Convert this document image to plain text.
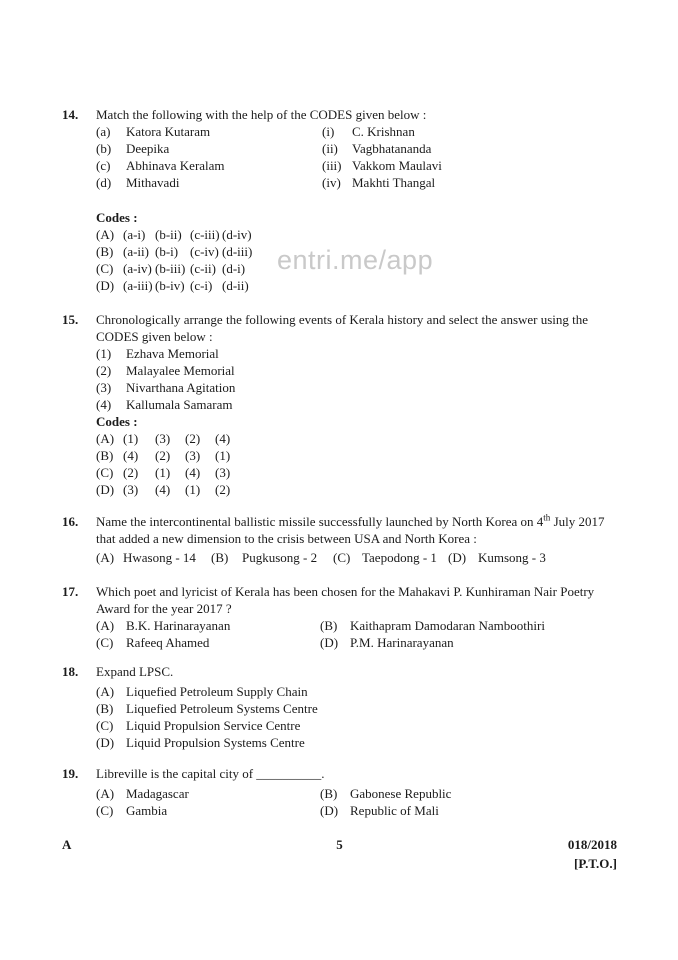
entri.me/app
14.	Match the following with the help of the CODES given below :
(a)	Katora Kutaram	(i)	C. Krishnan
(b)	Deepika	(ii)	Vagbhatananda
(c)	Abhinava Keralam	(iii) Vakkom Maulavi
(d)	Mithavadi	(iv) Makhti Thangal
Codes :
(A) (a-i) (b-ii) (c-iii) (d-iv)
(B) (a-ii) (b-i) (c-iv) (d-iii)
(C) (a-iv) (b-iii) (c-ii) (d-i)
(D) (a-iii) (b-iv) (c-i) (d-ii)
15.	Chronologically arrange the following events of Kerala history and select the answer using the CODES given below :
(1)	Ezhava Memorial
(2)	Malayalee Memorial
(3)	Nivarthana Agitation
(4)	Kallumala Samaram
Codes :
(A) (1)	(3)	(2)	(4)
(B) (4)	(2)	(3)	(1)
(C) (2)	(1)	(4)	(3)
(D) (3)	(4)	(1)	(2)
16.	Name the intercontinental ballistic missile successfully launched by North Korea on 4th July 2017 that added a new dimension to the crisis between USA and North Korea :
(A) Hwasong - 14	(B)	Pugkusong - 2	(C) Taepodong - 1 (D) Kumsong - 3
17.	Which poet and lyricist of Kerala has been chosen for the Mahakavi P. Kunhiraman Nair Poetry Award for the year 2017 ?
(A) B.K. Harinarayanan	(B) Kaithapram Damodaran Namboothiri
(C) Rafeeq Ahamed	(D) P.M. Harinarayanan
18.	Expand LPSC.
(A) Liquefied Petroleum Supply Chain
(B) Liquefied Petroleum Systems Centre
(C) Liquid Propulsion Service Centre
(D) Liquid Propulsion Systems Centre
19.	Libreville is the capital city of __________.
(A) Madagascar	(B) Gabonese Republic
(C) Gambia	(D) Republic of Mali
A	5	018/2018
[P.T.O.]
